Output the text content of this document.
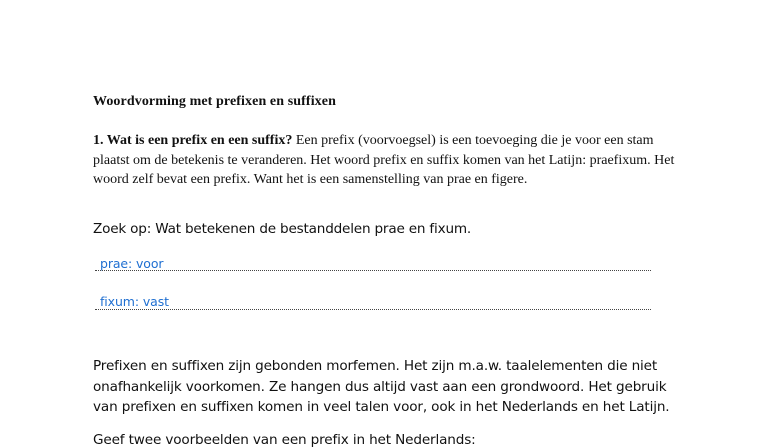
Woordvorming met prefixen en suffixen
1. Wat is een prefix en een suffix? Een prefix (voorvoegsel) is een toevoeging die je voor een stam plaatst om de betekenis te veranderen. Het woord prefix en suffix komen van het Latijn: praefixum. Het woord zelf bevat een prefix. Want het is een samenstelling van prae en figere.
Zoek op: Wat betekenen de bestanddelen prae en fixum.
prae: voor
fixum: vast
Prefixen en suffixen zijn gebonden morfemen. Het zijn m.a.w. taalelementen die niet onafhankelijk voorkomen. Ze hangen dus altijd vast aan een grondwoord. Het gebruik van prefixen en suffixen komen in veel talen voor, ook in het Nederlands en het Latijn.
Geef twee voorbeelden van een prefix in het Nederlands:
